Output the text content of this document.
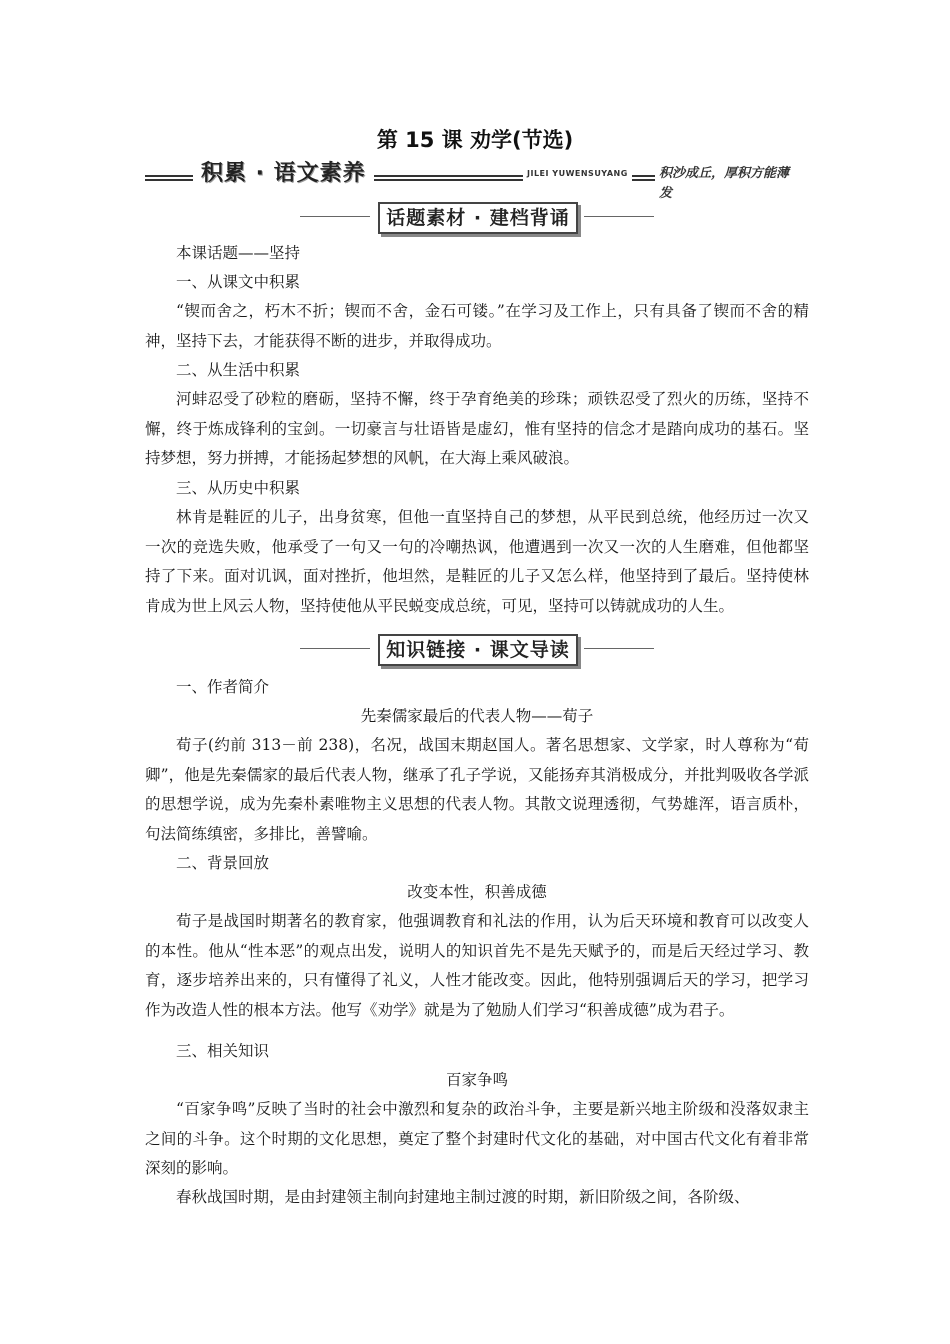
第 15 课 劝学(节选)
积累 · 语文素养	JILEI YUWENSUYANG	积沙成丘，厚积方能薄发
话题素材 · 建档背诵

本课话题——坚持

一、从课文中积累

“锲而舍之，朽木不折；锲而不舍，金石可镂。”在学习及工作上，只有具备了锲而不舍的精神，坚持下去，才能获得不断的进步，并取得成功。

二、从生活中积累

河蚌忍受了砂粒的磨砺，坚持不懈，终于孕育绝美的珍珠；顽铁忍受了烈火的历练，坚持不懈，终于炼成锋利的宝剑。一切豪言与壮语皆是虚幻，惟有坚持的信念才是踏向成功的基石。坚持梦想，努力拼搏，才能扬起梦想的风帆，在大海上乘风破浪。

三、从历史中积累

林肯是鞋匠的儿子，出身贫寒，但他一直坚持自己的梦想，从平民到总统，他经历过一次又一次的竞选失败，他承受了一句又一句的冷嘲热讽，他遭遇到一次又一次的人生磨难，但他都坚持了下来。面对讥讽，面对挫折，他坦然，是鞋匠的儿子又怎么样，他坚持到了最后。坚持使林肯成为世上风云人物，坚持使他从平民蜕变成总统，可见，坚持可以铸就成功的人生。

知识链接 · 课文导读

一、作者简介

先秦儒家最后的代表人物——荀子

荀子(约前 313－前 238)，名况，战国末期赵国人。著名思想家、文学家，时人尊称为“荀卿”，他是先秦儒家的最后代表人物，继承了孔子学说，又能扬弃其消极成分，并批判吸收各学派的思想学说，成为先秦朴素唯物主义思想的代表人物。其散文说理透彻，气势雄浑，语言质朴，句法简练缜密，多排比，善譬喻。

二、背景回放

改变本性，积善成德

荀子是战国时期著名的教育家，他强调教育和礼法的作用，认为后天环境和教育可以改变人的本性。他从“性本恶”的观点出发，说明人的知识首先不是先天赋予的，而是后天经过学习、教育，逐步培养出来的，只有懂得了礼义，人性才能改变。因此，他特别强调后天的学习，把学习作为改造人性的根本方法。他写《劝学》就是为了勉励人们学习“积善成德”成为君子。

三、相关知识

百家争鸣

“百家争鸣”反映了当时的社会中激烈和复杂的政治斗争，主要是新兴地主阶级和没落奴隶主之间的斗争。这个时期的文化思想，奠定了整个封建时代文化的基础，对中国古代文化有着非常深刻的影响。

春秋战国时期，是由封建领主制向封建地主制过渡的时期，新旧阶级之间，各阶级、
